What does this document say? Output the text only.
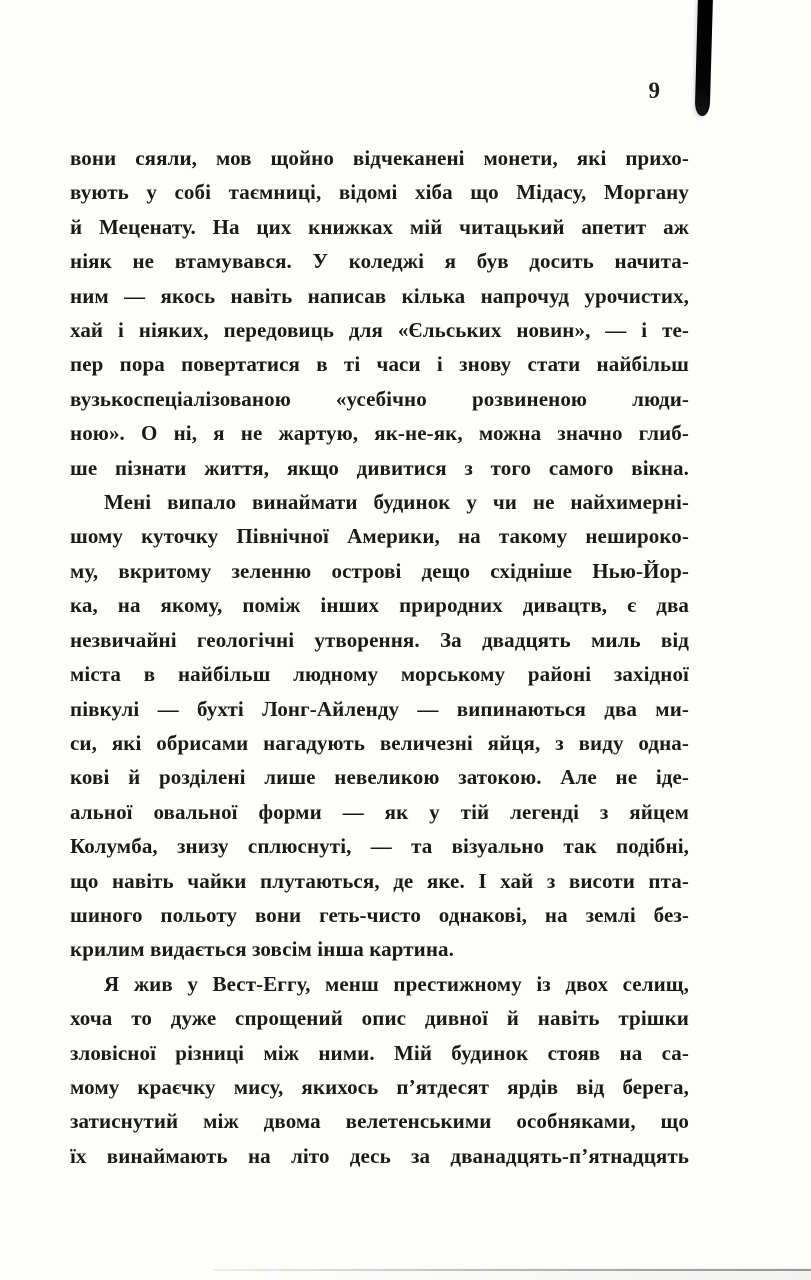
9
вони сяяли, мов щойно відчеканені монети, які прихо-
вують у собі таємниці, відомі хіба що Мідасу, Моргану
й Меценату. На цих книжках мій читацький апетит аж
ніяк не втамувався. У коледжі я був досить начита-
ним — якось навіть написав кілька напрочуд урочистих,
хай і ніяких, передовиць для «Єльських новин», — і те-
пер пора повертатися в ті часи і знову стати найбільш
вузькоспеціалізованою «усебічно розвиненою люди-
ною». О ні, я не жартую, як-не-як, можна значно глиб-
ше пізнати життя, якщо дивитися з того самого вікна.
Мені випало винаймати будинок у чи не найхимерні-
шому куточку Північної Америки, на такому нешироко-
му, вкритому зеленню острові дещо східніше Нью-Йор-
ка, на якому, поміж інших природних дивацтв, є два
незвичайні геологічні утворення. За двадцять миль від
міста в найбільш людному морському районі західної
півкулі — бухті Лонг-Айленду — випинаються два ми-
си, які обрисами нагадують величезні яйця, з виду одна-
кові й розділені лише невеликою затокою. Але не іде-
альної овальної форми — як у тій легенді з яйцем
Колумба, знизу сплюснуті, — та візуально так подібні,
що навіть чайки плутаються, де яке. І хай з висоти пта-
шиного польоту вони геть-чисто однакові, на землі без-
крилим видається зовсім інша картина.
Я жив у Вест-Еггу, менш престижному із двох селищ,
хоча то дуже спрощений опис дивної й навіть трішки
зловісної різниці між ними. Мій будинок стояв на са-
мому краєчку мису, якихось п’ятдесят ярдів від берега,
затиснутий між двома велетенськими особняками, що
їх винаймають на літо десь за дванадцять-п’ятнадцять
